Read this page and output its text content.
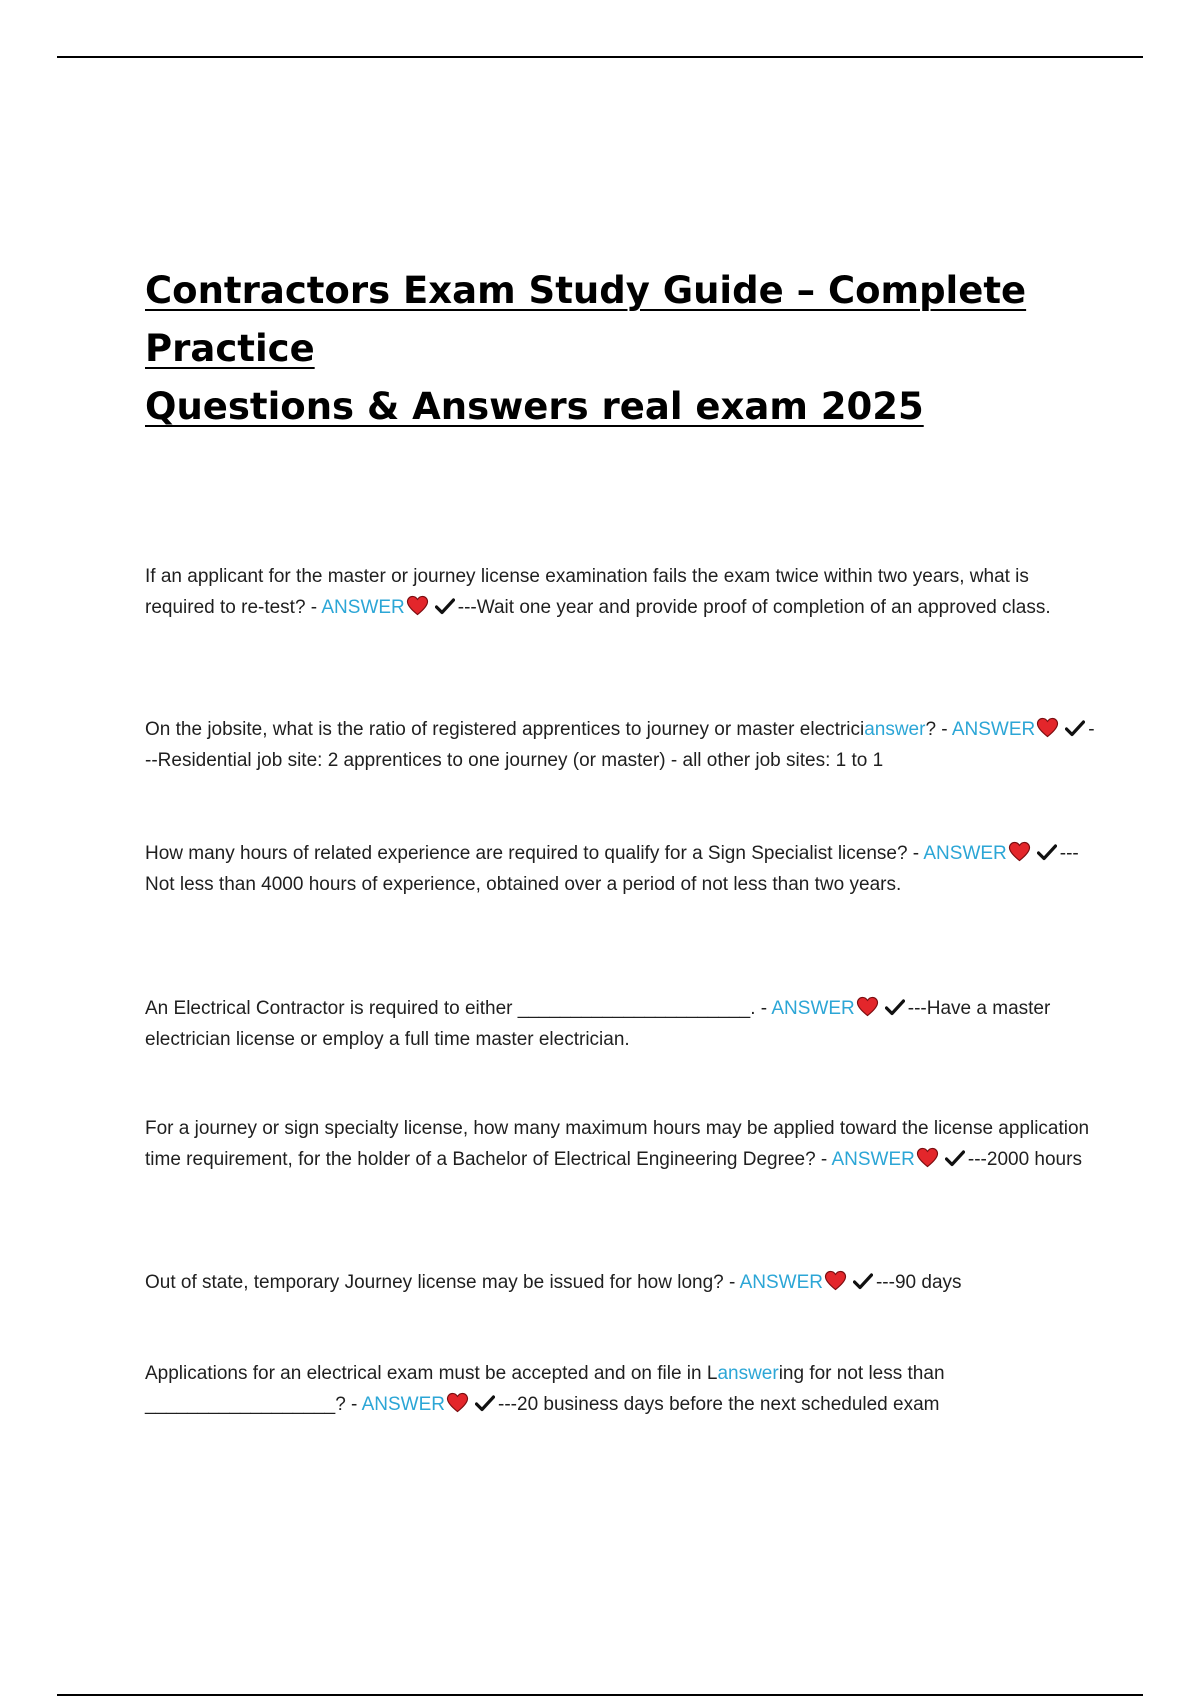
Contractors Exam Study Guide – Complete Practice
Questions & Answers real exam 2025

If an applicant for the master or journey license examination fails the exam twice within two years, what is required to re-test? - ANSWER	---Wait one year and provide proof of completion of an approved class.

On the jobsite, what is the ratio of registered apprentices to journey or master electricianswer? - ANSWER	---Residential job site: 2 apprentices to one journey (or master) - all other job sites: 1 to 1

How many hours of related experience are required to qualify for a Sign Specialist license? - ANSWER	---Not less than 4000 hours of experience, obtained over a period of not less than two years.

An Electrical Contractor is required to either ______________________. - ANSWER	---Have a master electrician license or employ a full time master electrician.

For a journey or sign specialty license, how many maximum hours may be applied toward the license application time requirement, for the holder of a Bachelor of Electrical Engineering Degree? - ANSWER	---2000 hours

Out of state, temporary Journey license may be issued for how long? - ANSWER	---90 days

Applications for an electrical exam must be accepted and on file in Lanswering for not less than __________________? - ANSWER	---20 business days before the next scheduled exam
